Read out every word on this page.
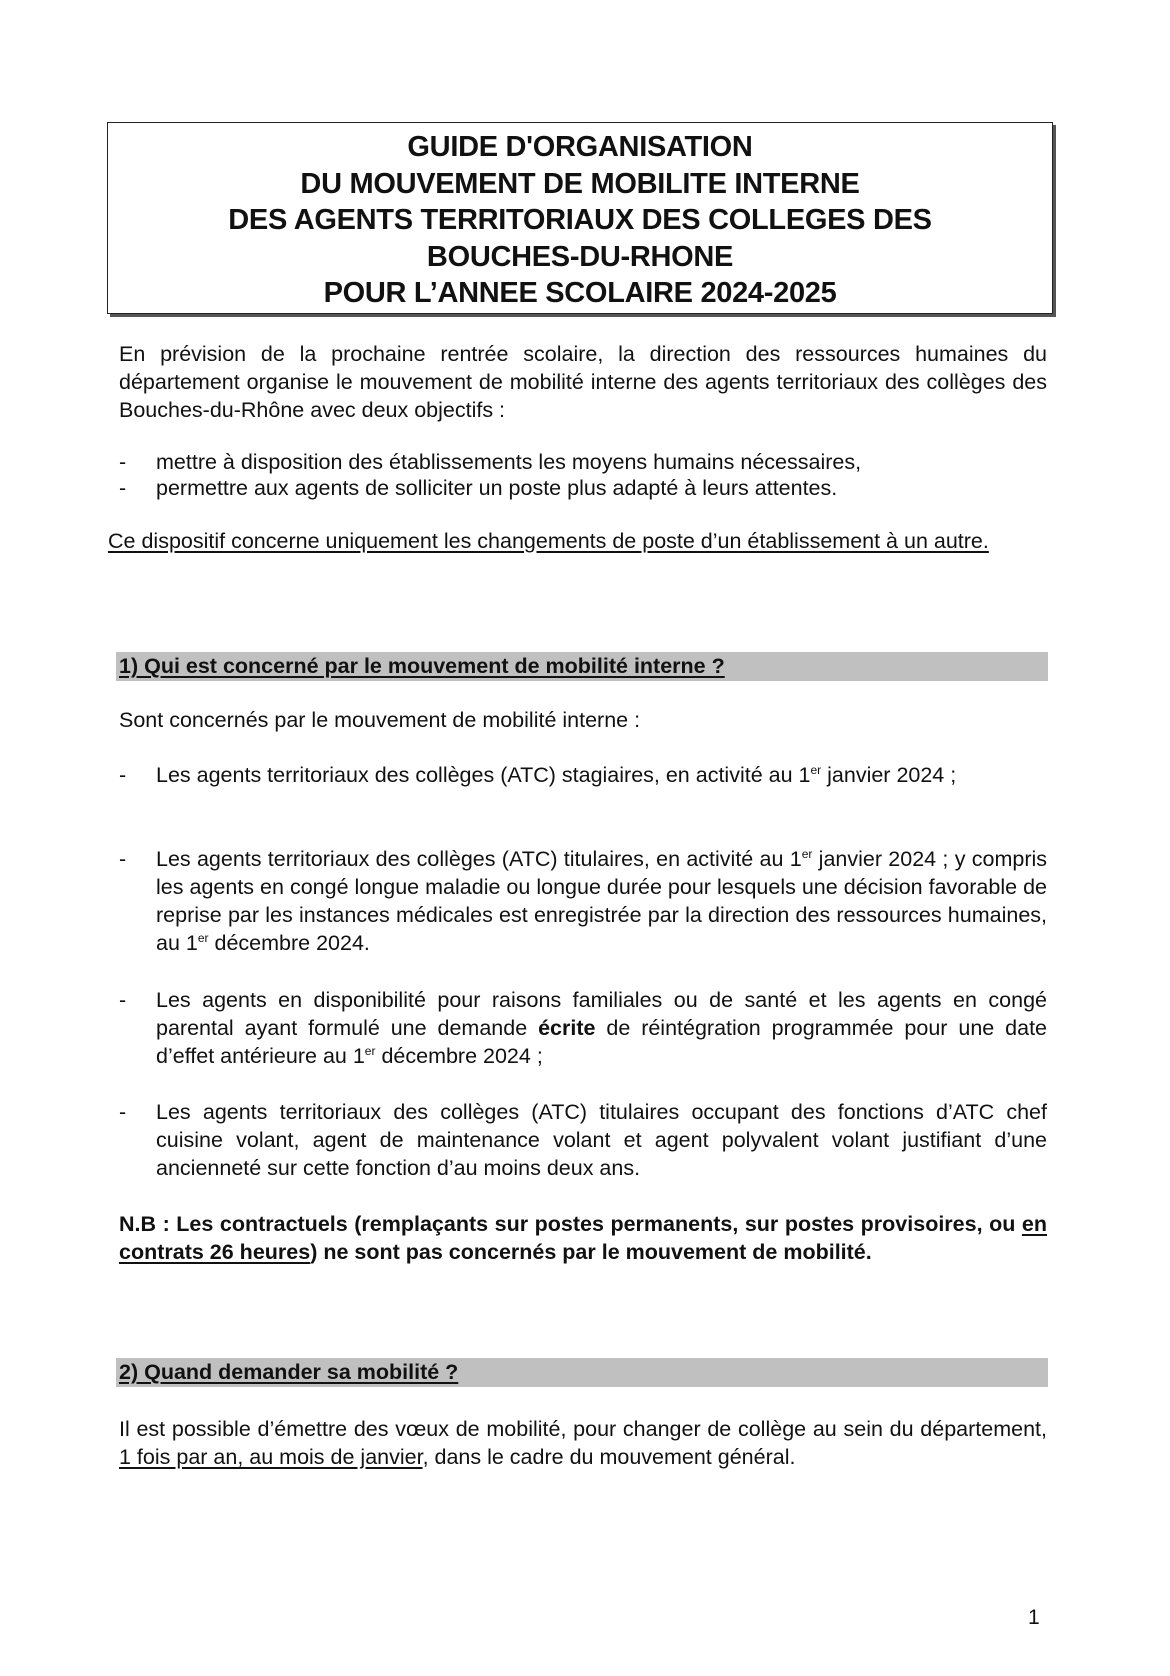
GUIDE D'ORGANISATION
DU MOUVEMENT DE MOBILITE INTERNE
DES AGENTS TERRITORIAUX DES COLLEGES DES
BOUCHES-DU-RHONE
POUR L’ANNEE SCOLAIRE 2024-2025
En prévision de la prochaine rentrée scolaire, la direction des ressources humaines du département organise le mouvement de mobilité interne des agents territoriaux des collèges des Bouches-du-Rhône avec deux objectifs :
-	mettre à disposition des établissements les moyens humains nécessaires,
-	permettre aux agents de solliciter un poste plus adapté à leurs attentes.
Ce dispositif concerne uniquement les changements de poste d’un établissement à un autre.
1) Qui est concerné par le mouvement de mobilité interne ?
Sont concernés par le mouvement de mobilité interne :
-	Les agents territoriaux des collèges (ATC) stagiaires, en activité au 1er janvier 2024 ;
-	Les agents territoriaux des collèges (ATC) titulaires, en activité au 1er janvier 2024 ; y compris les agents en congé longue maladie ou longue durée pour lesquels une décision favorable de reprise par les instances médicales est enregistrée par la direction des ressources humaines, au 1er décembre 2024.
-	Les agents en disponibilité pour raisons familiales ou de santé et les agents en congé parental ayant formulé une demande écrite de réintégration programmée pour une date d’effet antérieure au 1er décembre 2024 ;
-	Les agents territoriaux des collèges (ATC) titulaires occupant des fonctions d’ATC chef cuisine volant, agent de maintenance volant et agent polyvalent volant justifiant d’une ancienneté sur cette fonction d’au moins deux ans.
N.B : Les contractuels (remplaçants sur postes permanents, sur postes provisoires, ou en contrats 26 heures) ne sont pas concernés par le mouvement de mobilité.
2) Quand demander sa mobilité ?
Il est possible d’émettre des vœux de mobilité, pour changer de collège au sein du département, 1 fois par an, au mois de janvier, dans le cadre du mouvement général.
1
